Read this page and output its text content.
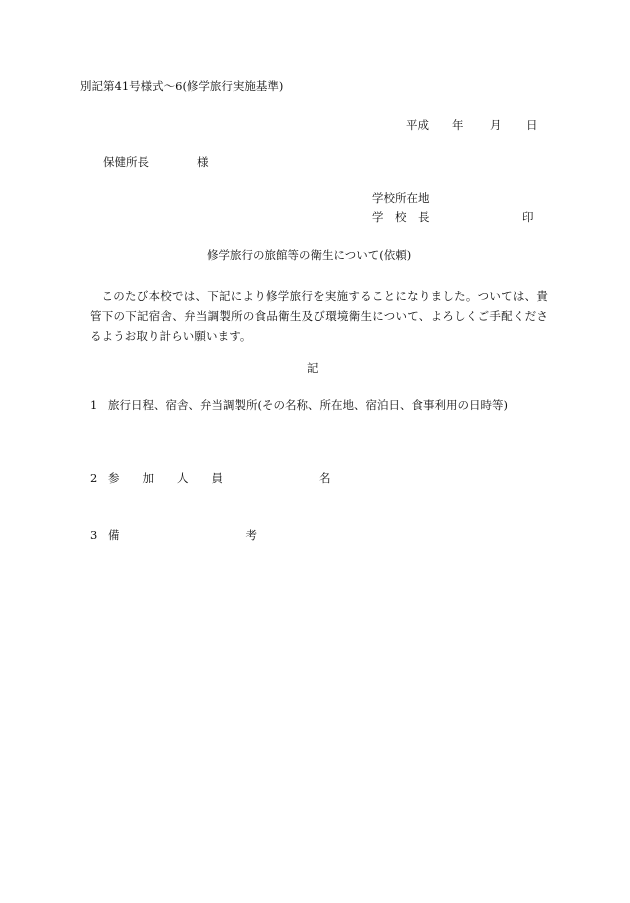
別記第41号様式〜6(修学旅行実施基準)
平成 年 月 日
保健所長	様
学校所在地
学　校　長	印
修学旅行の旅館等の衛生について(依頼)
このたび本校では、下記により修学旅行を実施することになりました。ついては、貴管下の下記宿舎、弁当調製所の食品衛生及び環境衛生について、よろしくご手配くださるようお取り計らい願います。
記
1 旅行日程、宿舎、弁当調製所(その名称、所在地、宿泊日、食事利用の日時等)
2 参　　加　　人　　員	名
3 備	考
